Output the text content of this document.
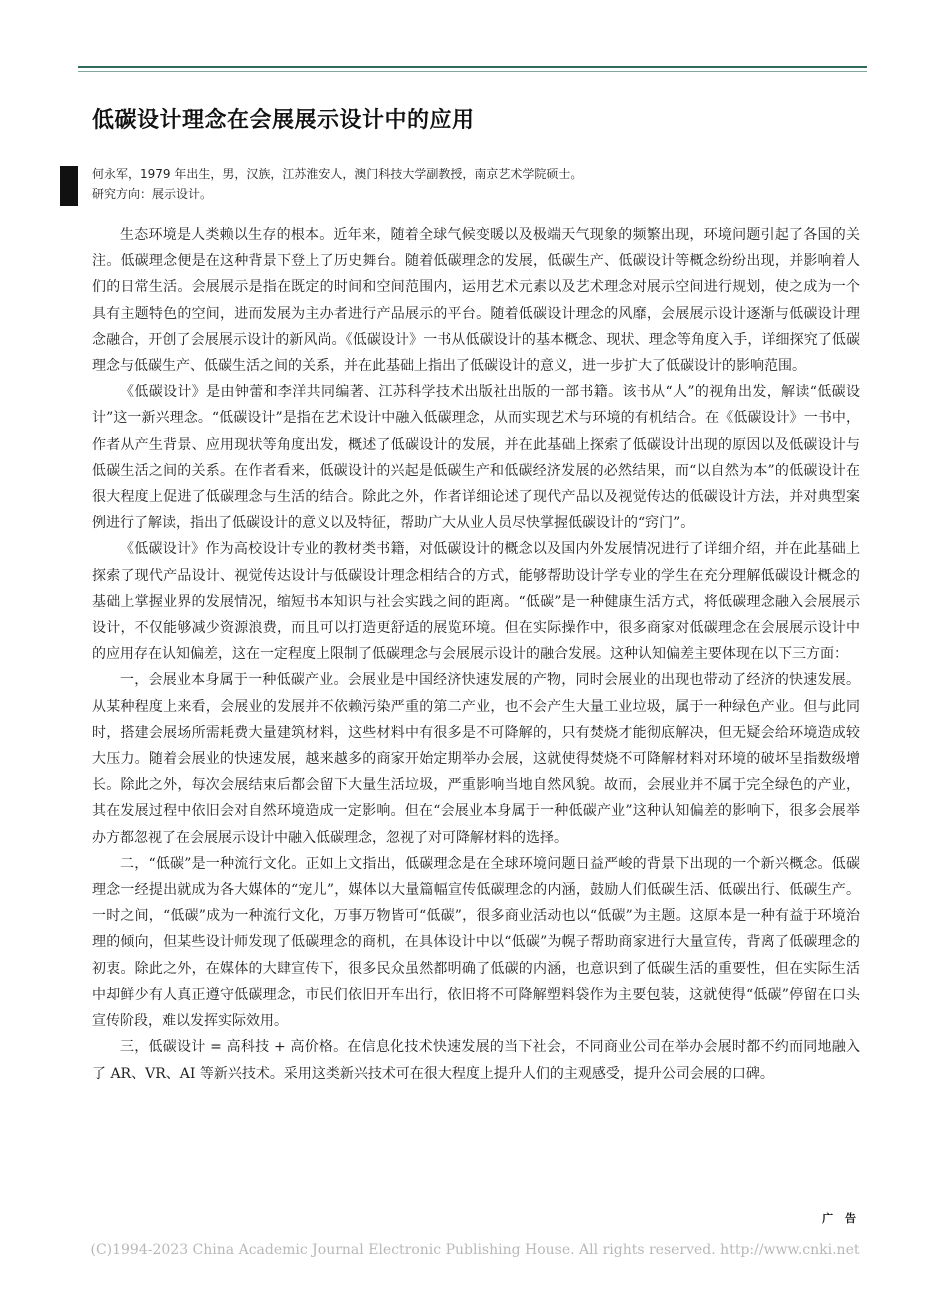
低碳设计理念在会展展示设计中的应用
何永军，1979 年出生，男，汉族，江苏淮安人，澳门科技大学副教授，南京艺术学院硕士。
研究方向：展示设计。

生态环境是人类赖以生存的根本。近年来，随着全球气候变暖以及极端天气现象的频繁出现，环境问题引起了各国的关注。低碳理念便是在这种背景下登上了历史舞台。随着低碳理念的发展，低碳生产、低碳设计等概念纷纷出现，并影响着人们的日常生活。会展展示是指在既定的时间和空间范围内，运用艺术元素以及艺术理念对展示空间进行规划，使之成为一个具有主题特色的空间，进而发展为主办者进行产品展示的平台。随着低碳设计理念的风靡，会展展示设计逐渐与低碳设计理念融合，开创了会展展示设计的新风尚。《低碳设计》一书从低碳设计的基本概念、现状、理念等角度入手，详细探究了低碳理念与低碳生产、低碳生活之间的关系，并在此基础上指出了低碳设计的意义，进一步扩大了低碳设计的影响范围。

《低碳设计》是由钟蕾和李洋共同编著、江苏科学技术出版社出版的一部书籍。该书从“人”的视角出发，解读“低碳设计”这一新兴理念。“低碳设计”是指在艺术设计中融入低碳理念，从而实现艺术与环境的有机结合。在《低碳设计》一书中，作者从产生背景、应用现状等角度出发，概述了低碳设计的发展，并在此基础上探索了低碳设计出现的原因以及低碳设计与低碳生活之间的关系。在作者看来，低碳设计的兴起是低碳生产和低碳经济发展的必然结果，而“以自然为本”的低碳设计在很大程度上促进了低碳理念与生活的结合。除此之外，作者详细论述了现代产品以及视觉传达的低碳设计方法，并对典型案例进行了解读，指出了低碳设计的意义以及特征，帮助广大从业人员尽快掌握低碳设计的“窍门”。

《低碳设计》作为高校设计专业的教材类书籍，对低碳设计的概念以及国内外发展情况进行了详细介绍，并在此基础上探索了现代产品设计、视觉传达设计与低碳设计理念相结合的方式，能够帮助设计学专业的学生在充分理解低碳设计概念的基础上掌握业界的发展情况，缩短书本知识与社会实践之间的距离。“低碳”是一种健康生活方式，将低碳理念融入会展展示设计，不仅能够减少资源浪费，而且可以打造更舒适的展览环境。但在实际操作中，很多商家对低碳理念在会展展示设计中的应用存在认知偏差，这在一定程度上限制了低碳理念与会展展示设计的融合发展。这种认知偏差主要体现在以下三方面：

一，会展业本身属于一种低碳产业。会展业是中国经济快速发展的产物，同时会展业的出现也带动了经济的快速发展。从某种程度上来看，会展业的发展并不依赖污染严重的第二产业，也不会产生大量工业垃圾，属于一种绿色产业。但与此同时，搭建会展场所需耗费大量建筑材料，这些材料中有很多是不可降解的，只有焚烧才能彻底解决，但无疑会给环境造成较大压力。随着会展业的快速发展，越来越多的商家开始定期举办会展，这就使得焚烧不可降解材料对环境的破坏呈指数级增长。除此之外，每次会展结束后都会留下大量生活垃圾，严重影响当地自然风貌。故而，会展业并不属于完全绿色的产业，其在发展过程中依旧会对自然环境造成一定影响。但在“会展业本身属于一种低碳产业”这种认知偏差的影响下，很多会展举办方都忽视了在会展展示设计中融入低碳理念，忽视了对可降解材料的选择。

二，“低碳”是一种流行文化。正如上文指出，低碳理念是在全球环境问题日益严峻的背景下出现的一个新兴概念。低碳理念一经提出就成为各大媒体的“宠儿”，媒体以大量篇幅宣传低碳理念的内涵，鼓励人们低碳生活、低碳出行、低碳生产。一时之间，“低碳”成为一种流行文化，万事万物皆可“低碳”，很多商业活动也以“低碳”为主题。这原本是一种有益于环境治理的倾向，但某些设计师发现了低碳理念的商机，在具体设计中以“低碳”为幌子帮助商家进行大量宣传，背离了低碳理念的初衷。除此之外，在媒体的大肆宣传下，很多民众虽然都明确了低碳的内涵，也意识到了低碳生活的重要性，但在实际生活中却鲜少有人真正遵守低碳理念，市民们依旧开车出行，依旧将不可降解塑料袋作为主要包装，这就使得“低碳”停留在口头宣传阶段，难以发挥实际效用。

三，低碳设计 = 高科技 + 高价格。在信息化技术快速发展的当下社会，不同商业公司在举办会展时都不约而同地融入了 AR、VR、AI 等新兴技术。采用这类新兴技术可在很大程度上提升人们的主观感受，提升公司会展的口碑。

广 告
(C)1994-2023 China Academic Journal Electronic Publishing House. All rights reserved. http://www.cnki.net
